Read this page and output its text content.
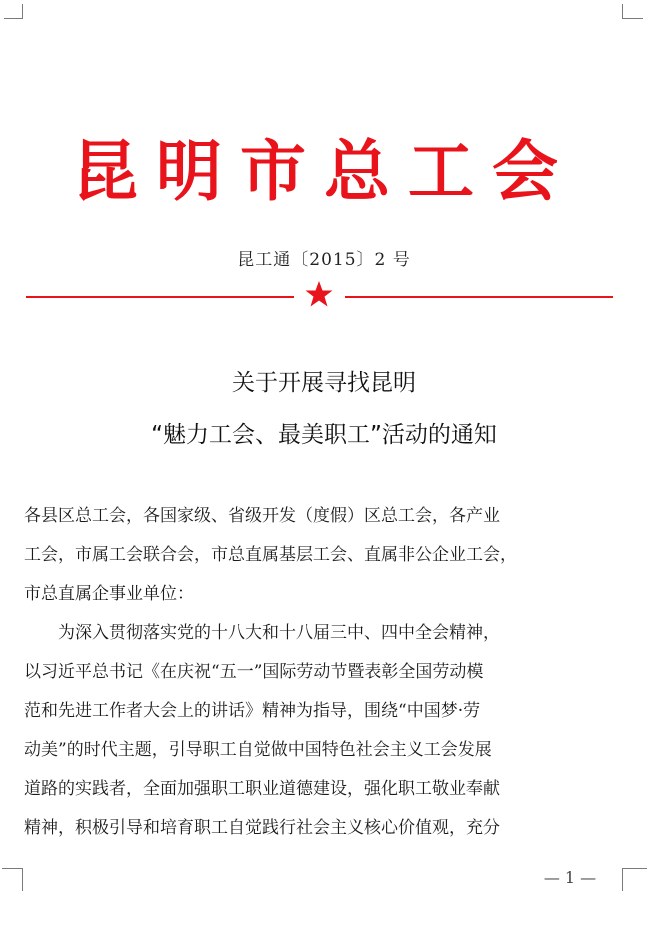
昆明市总工会
昆工通〔2015〕2 号
关于开展寻找昆明
“魅力工会、最美职工”活动的通知
各县区总工会，各国家级、省级开发（度假）区总工会，各产业
工会，市属工会联合会，市总直属基层工会、直属非公企业工会，
市总直属企事业单位：
　　为深入贯彻落实党的十八大和十八届三中、四中全会精神，
以习近平总书记《在庆祝“五一”国际劳动节暨表彰全国劳动模
范和先进工作者大会上的讲话》精神为指导，围绕“中国梦·劳
动美”的时代主题，引导职工自觉做中国特色社会主义工会发展
道路的实践者，全面加强职工职业道德建设，强化职工敬业奉献
精神，积极引导和培育职工自觉践行社会主义核心价值观，充分
— 1 —
